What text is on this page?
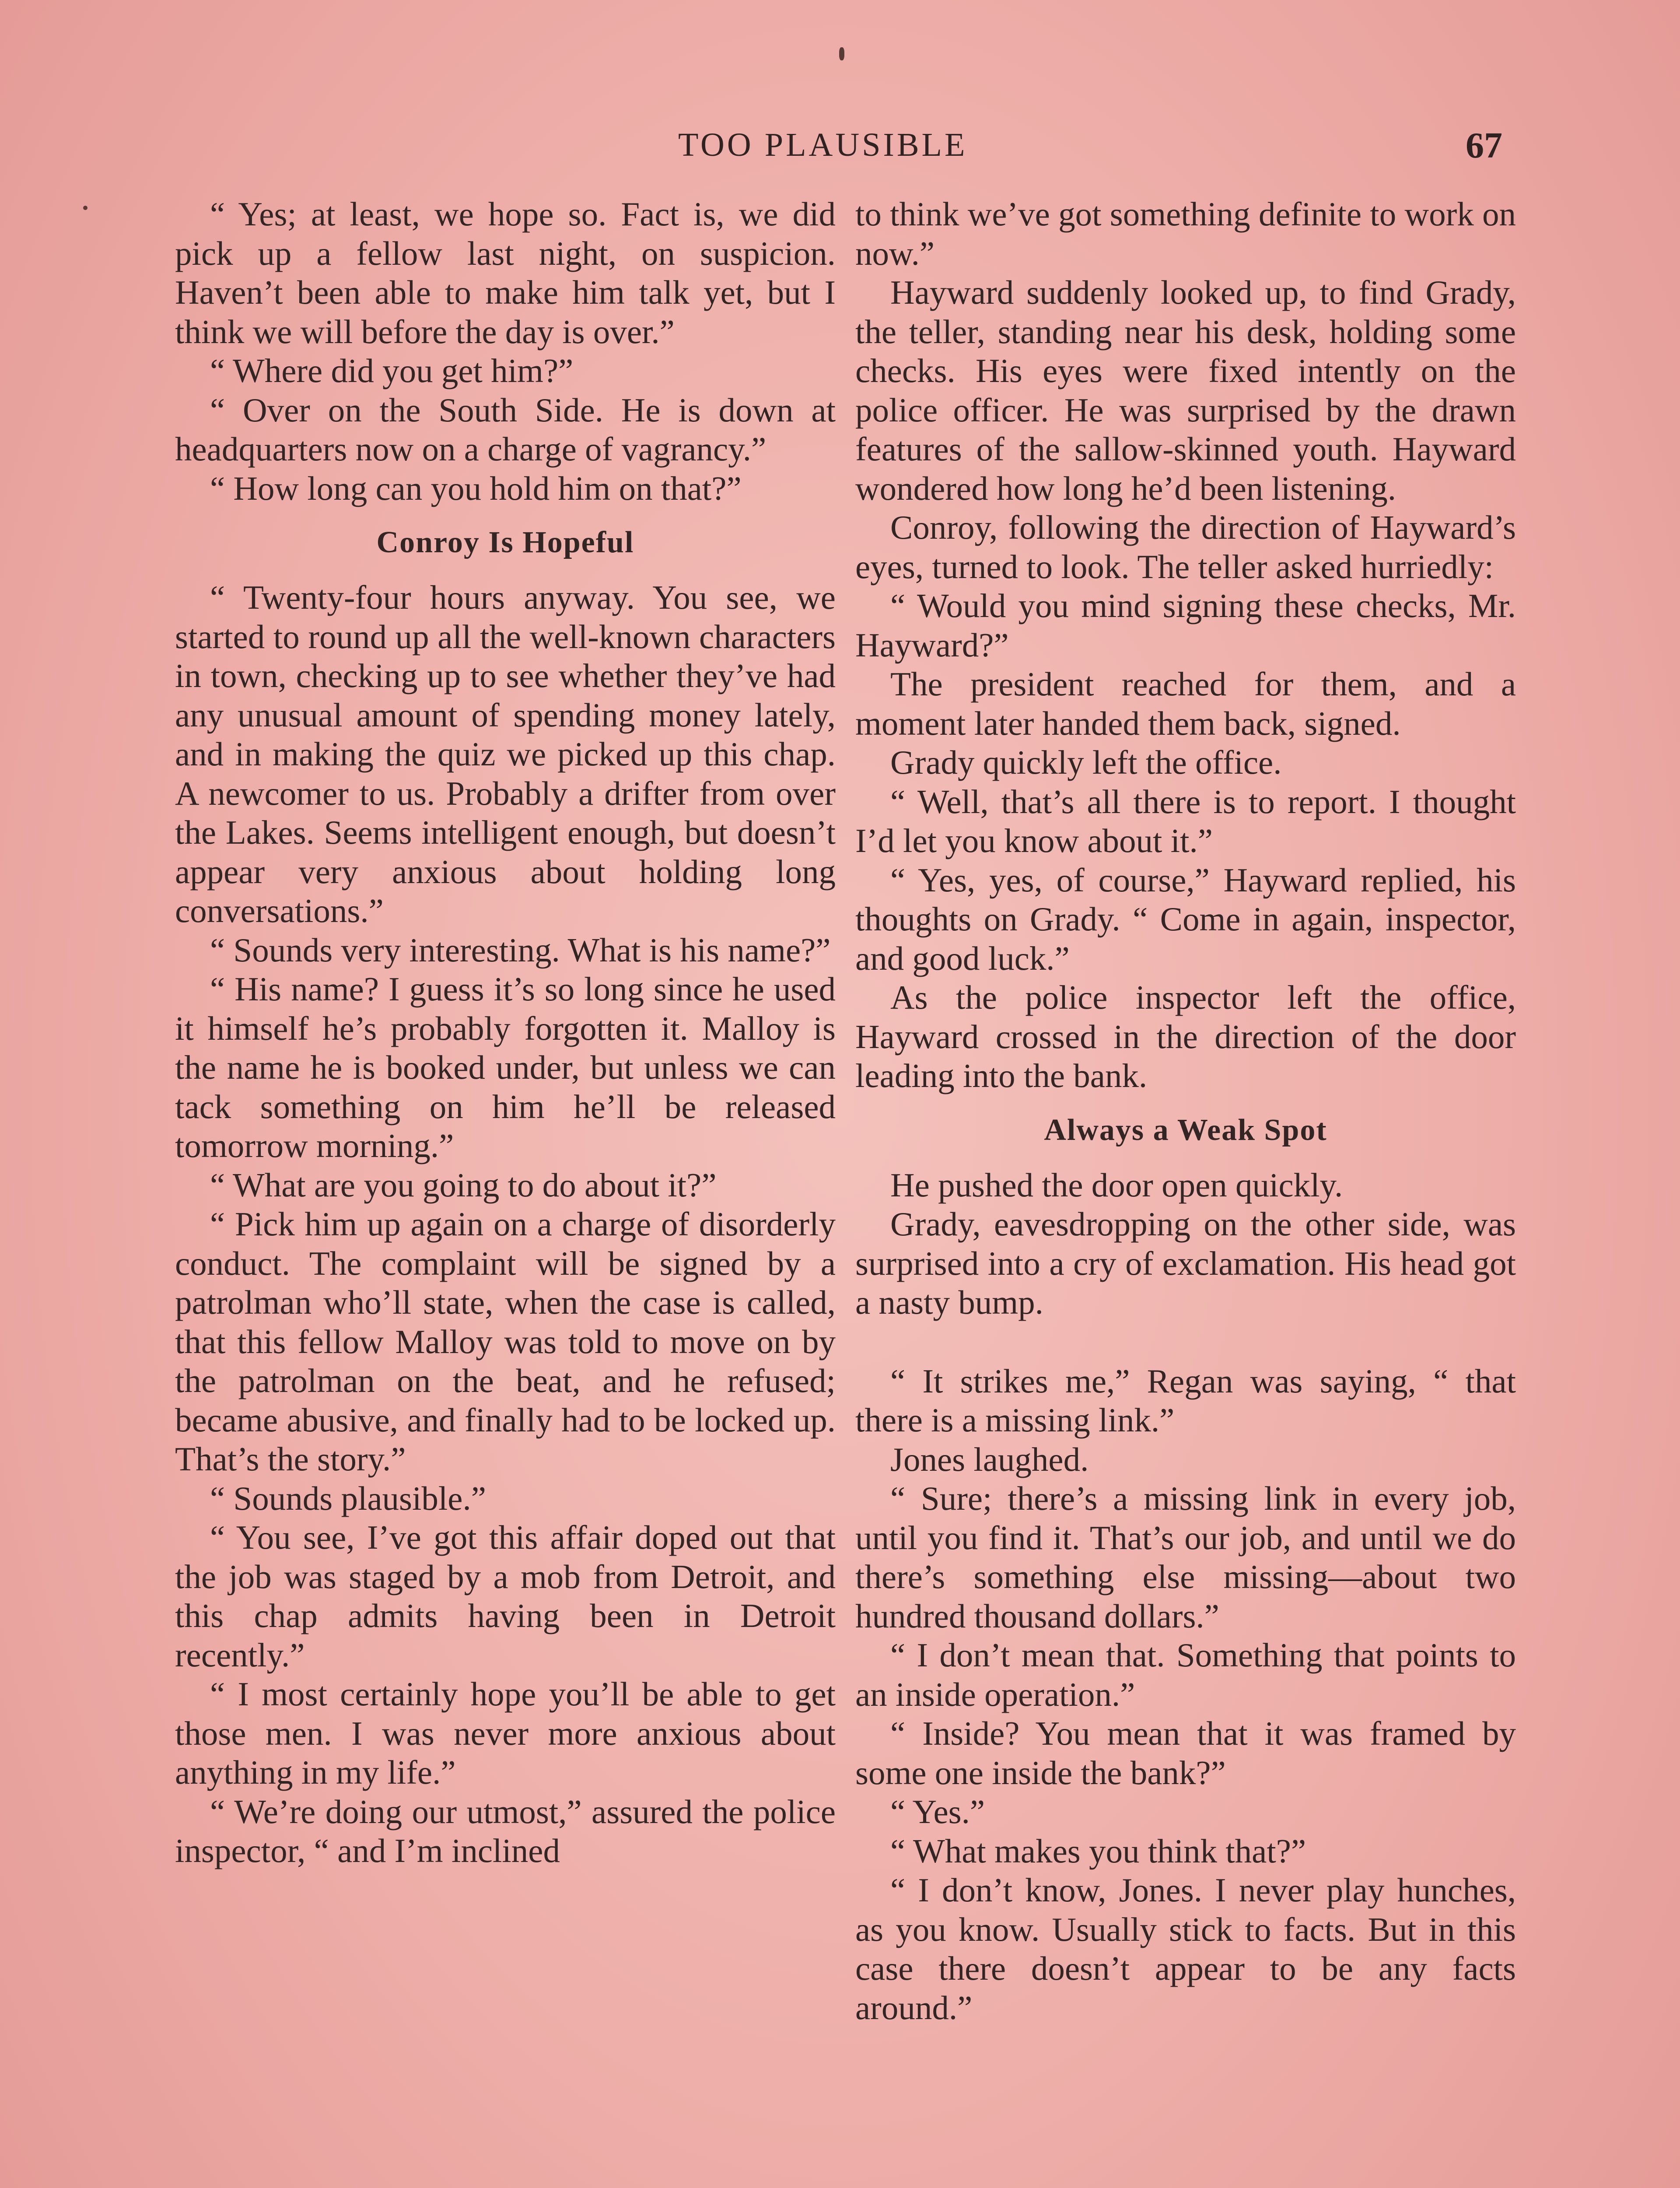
TOO PLAUSIBLE	67

“ Yes; at least, we hope so. Fact is, we did pick up a fellow last night, on suspicion. Haven’t been able to make him talk yet, but I think we will before the day is over.”

“ Where did you get him?”

“ Over on the South Side. He is down at headquarters now on a charge of vagrancy.”

“ How long can you hold him on that?”

Conroy Is Hopeful

“ Twenty-four hours anyway. You see, we started to round up all the well-known characters in town, checking up to see whether they’ve had any unusual amount of spending money lately, and in making the quiz we picked up this chap. A newcomer to us. Probably a drifter from over the Lakes. Seems intelligent enough, but doesn’t appear very anxious about holding long conversations.”

“ Sounds very interesting. What is his name?”

“ His name? I guess it’s so long since he used it himself he’s probably forgotten it. Malloy is the name he is booked under, but unless we can tack something on him he’ll be released tomorrow morning.”

“ What are you going to do about it?”

“ Pick him up again on a charge of disorderly conduct. The complaint will be signed by a patrolman who’ll state, when the case is called, that this fellow Malloy was told to move on by the patrolman on the beat, and he refused; became abusive, and finally had to be locked up. That’s the story.”

“ Sounds plausible.”

“ You see, I’ve got this affair doped out that the job was staged by a mob from Detroit, and this chap admits having been in Detroit recently.”

“ I most certainly hope you’ll be able to get those men. I was never more anxious about anything in my life.”

“ We’re doing our utmost,” assured the police inspector, “ and I’m inclined

to think we’ve got something definite to work on now.”

Hayward suddenly looked up, to find Grady, the teller, standing near his desk, holding some checks. His eyes were fixed intently on the police officer. He was surprised by the drawn features of the sallow-skinned youth. Hayward wondered how long he’d been listening.

Conroy, following the direction of Hayward’s eyes, turned to look. The teller asked hurriedly:

“ Would you mind signing these checks, Mr. Hayward?”

The president reached for them, and a moment later handed them back, signed.

Grady quickly left the office.

“ Well, that’s all there is to report. I thought I’d let you know about it.”

“ Yes, yes, of course,” Hayward replied, his thoughts on Grady. “ Come in again, inspector, and good luck.”

As the police inspector left the office, Hayward crossed in the direction of the door leading into the bank.

Always a Weak Spot

He pushed the door open quickly.

Grady, eavesdropping on the other side, was surprised into a cry of exclamation. His head got a nasty bump.

“ It strikes me,” Regan was saying, “ that there is a missing link.”

Jones laughed.

“ Sure; there’s a missing link in every job, until you find it. That’s our job, and until we do there’s something else missing—about two hundred thousand dollars.”

“ I don’t mean that. Something that points to an inside operation.”

“ Inside? You mean that it was framed by some one inside the bank?”

“ Yes.”

“ What makes you think that?”

“ I don’t know, Jones. I never play hunches, as you know. Usually stick to facts. But in this case there doesn’t appear to be any facts around.”
